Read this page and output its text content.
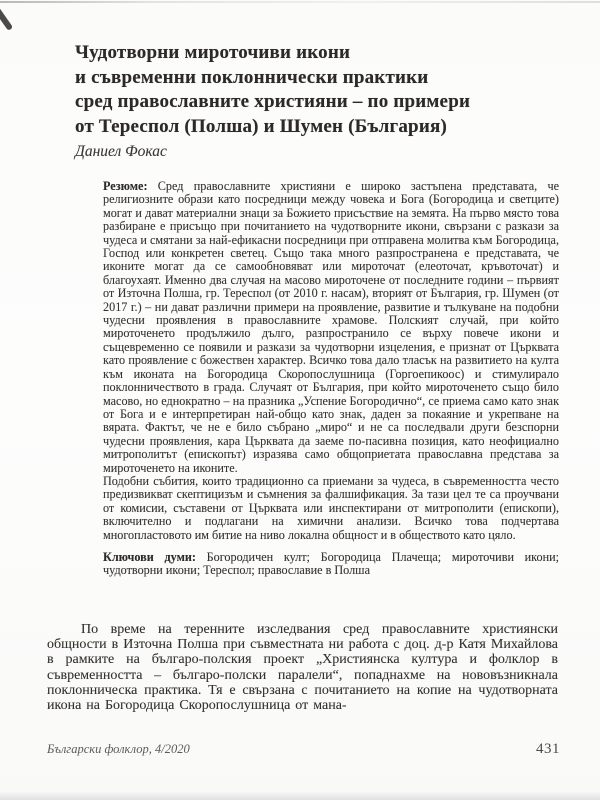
Чудотворни мироточиви икони
и съвременни поклоннически практики
сред православните християни – по примери
от Тереспол (Полша) и Шумен (България)
Даниел Фокас

Резюме: Сред православните християни е широко застъпена представата, че религиозните образи като посредници между човека и Бога (Богородица и светците) могат и дават материални знаци за Божието присъствие на земята. На първо място това разбиране е присъщо при почитанието на чудотворните икони, свързани с разкази за чудеса и смятани за най-ефикасни посредници при отправена молитва към Богородица, Господ или конкретен светец. Също така много разпространена е представата, че иконите могат да се самообновяват или мироточат (елеоточат, кръвоточат) и благоухаят. Именно два случая на масово мироточене от последните години – първият от Източна Полша, гр. Тереспол (от 2010 г. насам), вторият от България, гр. Шумен (от 2017 г.) – ни дават различни примери на проявление, развитие и тълкуване на подобни чудесни проявления в православните храмове. Полският случай, при който мироточенето продължило дълго, разпространило се върху повече икони и същевременно се появили и разкази за чудотворни изцеления, е признат от Църквата като проявление с божествен характер. Всичко това дало тласък на развитието на култа към иконата на Богородица Скоропослушница (Горгоепикоос) и стимулирало поклонничеството в града. Случаят от България, при който мироточенето също било масово, но еднократно – на празника „Успение Богородично“, се приема само като знак от Бога и е интерпретиран най-общо като знак, даден за покаяние и укрепване на вярата. Фактът, че не е било събрано „миро“ и не са последвали други безспорни чудесни проявления, кара Църквата да заеме по-пасивна позиция, като неофициално митрополитът (епископът) изразява само общоприетата православна представа за мироточенето на иконите.

Подобни събития, които традиционно са приемани за чудеса, в съвременността често предизвикват скептицизъм и съмнения за фалшификация. За тази цел те са проучвани от комисии, съставени от Църквата или инспектирани от митрополити (епископи), включително и подлагани на химични анализи. Всичко това подчертава многопластовото им битие на ниво локална общност и в обществото като цяло.

Ключови думи: Богородичен култ; Богородица Плачеща; мироточиви икони; чудотворни икони; Тереспол; православие в Полша

По време на теренните изследвания сред православните християнски общности в Източна Полша при съвместната ни работа с доц. д-р Катя Михайлова в рамките на българо-полския проект „Християнска култура и фолклор в съвременността – българо-полски паралели“, попаднахме на нововъзникнала поклонническа практика. Тя е свързана с почитанието на копие на чудотворната икона на Богородица Скоропослушница от мана-

Български фолклор, 4/2020	431
